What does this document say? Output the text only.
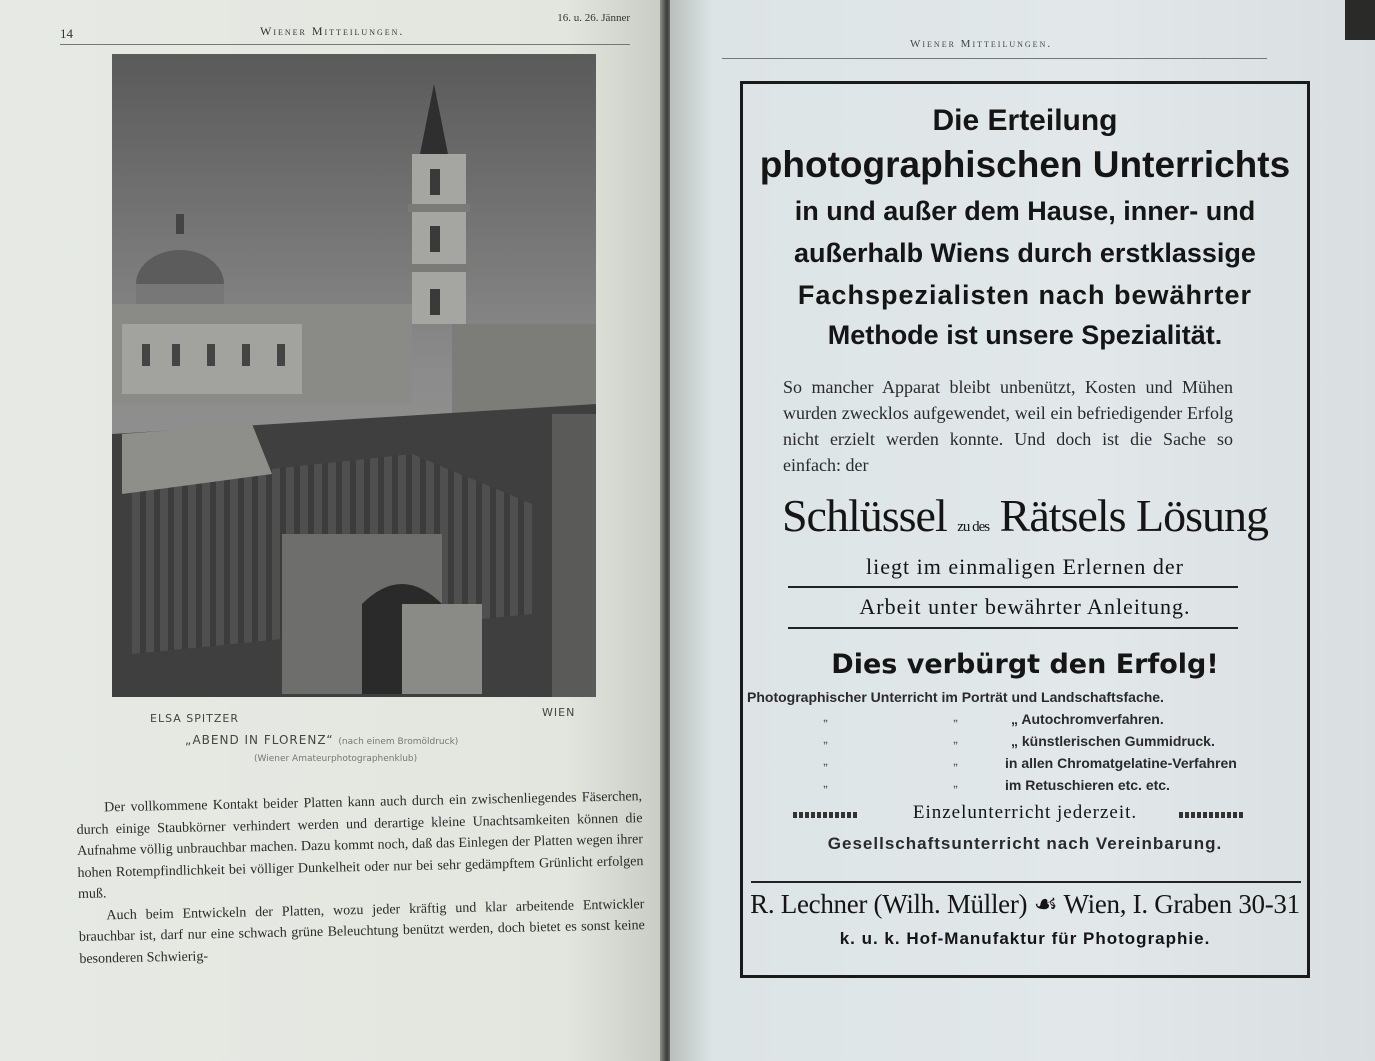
14	Wiener Mitteilungen.
16. u. 26. Jänner
ELSA SPITZER	WIEN
„ABEND IN FLORENZ“ (nach einem Bromöldruck)
(Wiener Amateurphotographenklub)

Der vollkommene Kontakt beider Platten kann auch durch ein zwischenliegendes Fäserchen, durch einige Staubkörner verhindert werden und derartige kleine Unachtsamkeiten können die Aufnahme völlig unbrauchbar machen. Dazu kommt noch, daß das Einlegen der Platten wegen ihrer hohen Rotempfindlichkeit bei völliger Dunkelheit oder nur bei sehr gedämpftem Grünlicht erfolgen muß.

Auch beim Entwickeln der Platten, wozu jeder kräftig und klar arbeitende Entwickler brauchbar ist, darf nur eine schwach grüne Beleuchtung benützt werden, doch bietet es sonst keine besonderen Schwierig-

Wiener Mitteilungen.
Die Erteilung
photographischen Unterrichts
in und außer dem Hause, inner- und
außerhalb Wiens durch erstklassige
Fachspezialisten nach bewährter
Methode ist unsere Spezialität.
So mancher Apparat bleibt unbenützt, Kosten und Mühen wurden zwecklos aufgewendet, weil ein befriedigender Erfolg nicht erzielt werden konnte. Und doch ist die Sache so einfach: der
Schlüssel zu des Rätsels Lösung
liegt im einmaligen Erlernen der
Arbeit unter bewährter Anleitung.
Dies verbürgt den Erfolg!
Photographischer Unterricht im Porträt und Landschaftsfache.
„	„	„ Autochromverfahren.
„	„	„ künstlerischen Gummidruck.
„	„	in allen Chromatgelatine-Verfahren
„	„	im Retuschieren etc. etc.
Einzelunterricht jederzeit.
Gesellschaftsunterricht nach Vereinbarung.
R. Lechner (Wilh. Müller) ☙ Wien, I. Graben 30-31
k. u. k. Hof-Manufaktur für Photographie.
